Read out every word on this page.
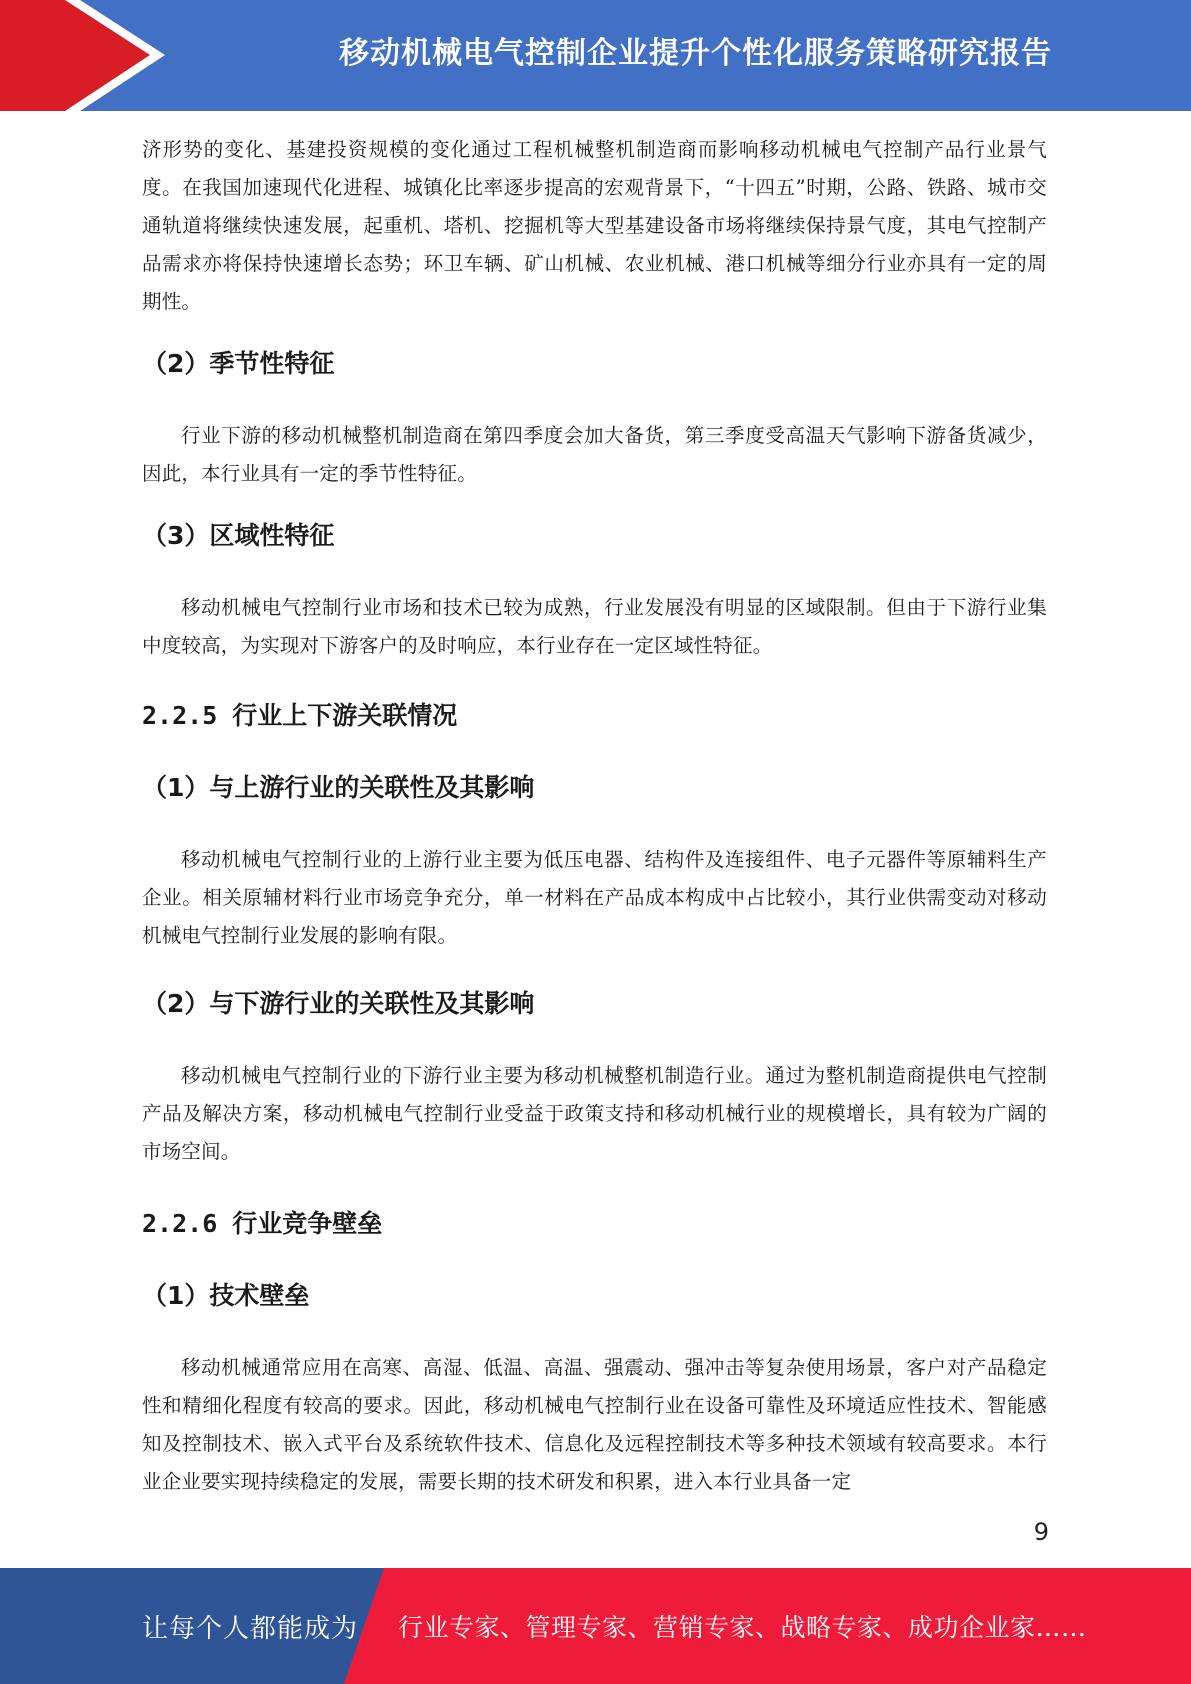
移动机械电气控制企业提升个性化服务策略研究报告

济形势的变化、基建投资规模的变化通过工程机械整机制造商而影响移动机械电气控制产品行业景气度。在我国加速现代化进程、城镇化比率逐步提高的宏观背景下，“十四五”时期，公路、铁路、城市交通轨道将继续快速发展，起重机、塔机、挖掘机等大型基建设备市场将继续保持景气度，其电气控制产品需求亦将保持快速增长态势；环卫车辆、矿山机械、农业机械、港口机械等细分行业亦具有一定的周期性。

（2）季节性特征

行业下游的移动机械整机制造商在第四季度会加大备货，第三季度受高温天气影响下游备货减少，因此，本行业具有一定的季节性特征。

（3）区域性特征

移动机械电气控制行业市场和技术已较为成熟，行业发展没有明显的区域限制。但由于下游行业集中度较高，为实现对下游客户的及时响应，本行业存在一定区域性特征。

2.2.5 行业上下游关联情况
（1）与上游行业的关联性及其影响

移动机械电气控制行业的上游行业主要为低压电器、结构件及连接组件、电子元器件等原辅料生产企业。相关原辅材料行业市场竞争充分，单一材料在产品成本构成中占比较小，其行业供需变动对移动机械电气控制行业发展的影响有限。

（2）与下游行业的关联性及其影响

移动机械电气控制行业的下游行业主要为移动机械整机制造行业。通过为整机制造商提供电气控制产品及解决方案，移动机械电气控制行业受益于政策支持和移动机械行业的规模增长，具有较为广阔的市场空间。

2.2.6 行业竞争壁垒
（1）技术壁垒

移动机械通常应用在高寒、高湿、低温、高温、强震动、强冲击等复杂使用场景，客户对产品稳定性和精细化程度有较高的要求。因此，移动机械电气控制行业在设备可靠性及环境适应性技术、智能感知及控制技术、嵌入式平台及系统软件技术、信息化及远程控制技术等多种技术领域有较高要求。本行业企业要实现持续稳定的发展，需要长期的技术研发和积累，进入本行业具备一定

9
让每个人都能成为 行业专家、管理专家、营销专家、战略专家、成功企业家……
